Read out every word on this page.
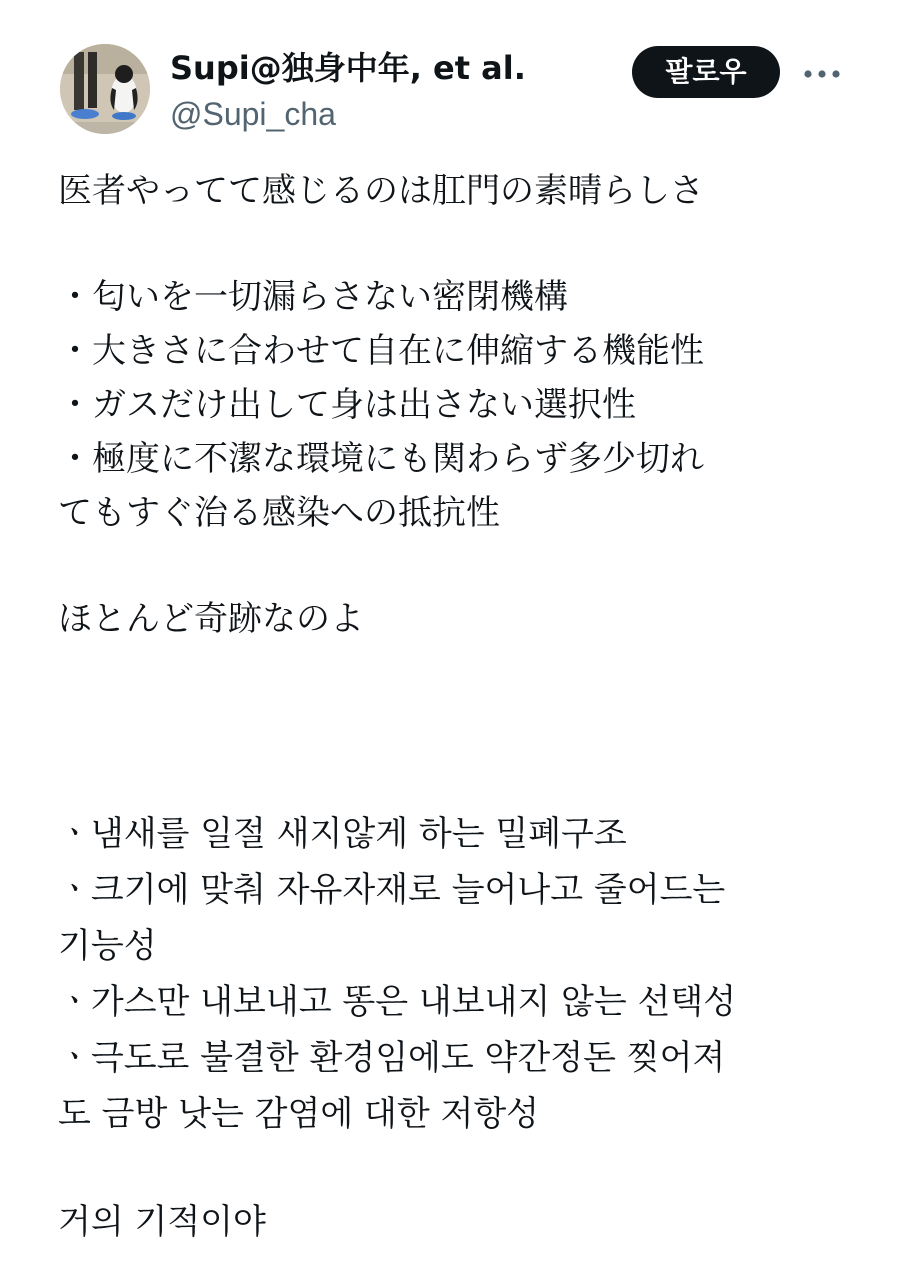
Supi@独身中年, et al.
@Supi_cha
팔로우
医者やってて感じるのは肛門の素晴らしさ
・匂いを一切漏らさない密閉機構
・大きさに合わせて自在に伸縮する機能性
・ガスだけ出して身は出さない選択性
・極度に不潔な環境にも関わらず多少切れ
てもすぐ治る感染への抵抗性
ほとんど奇跡なのよ
ㆍ냄새를 일절 새지않게 하는 밀폐구조
ㆍ크기에 맞춰 자유자재로 늘어나고 줄어드는
기능성
ㆍ가스만 내보내고 똥은 내보내지 않는 선택성
ㆍ극도로 불결한 환경임에도 약간정돈 찢어져
도 금방 낫는 감염에 대한 저항성
거의 기적이야
